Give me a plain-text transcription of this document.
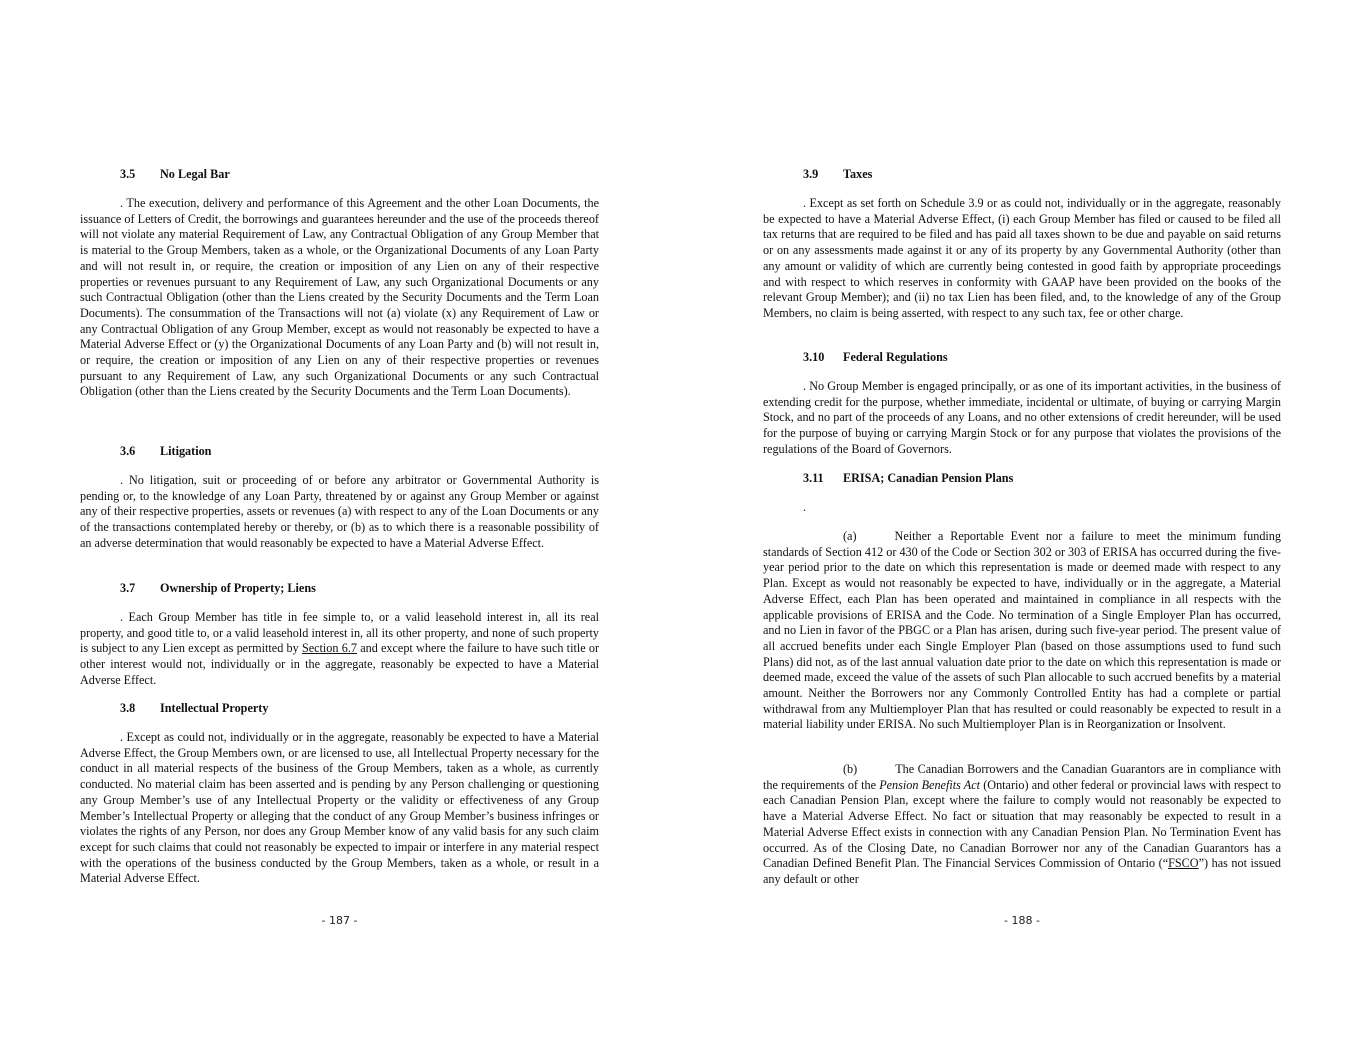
3.5 No Legal Bar

. The execution, delivery and performance of this Agreement and the other Loan Documents, the issuance of Letters of Credit, the borrowings and guarantees hereunder and the use of the proceeds thereof will not violate any material Requirement of Law, any Contractual Obligation of any Group Member that is material to the Group Members, taken as a whole, or the Organizational Documents of any Loan Party and will not result in, or require, the creation or imposition of any Lien on any of their respective properties or revenues pursuant to any Requirement of Law, any such Organizational Documents or any such Contractual Obligation (other than the Liens created by the Security Documents and the Term Loan Documents). The consummation of the Transactions will not (a) violate (x) any Requirement of Law or any Contractual Obligation of any Group Member, except as would not reasonably be expected to have a Material Adverse Effect or (y) the Organizational Documents of any Loan Party and (b) will not result in, or require, the creation or imposition of any Lien on any of their respective properties or revenues pursuant to any Requirement of Law, any such Organizational Documents or any such Contractual Obligation (other than the Liens created by the Security Documents and the Term Loan Documents).

3.6 Litigation

. No litigation, suit or proceeding of or before any arbitrator or Governmental Authority is pending or, to the knowledge of any Loan Party, threatened by or against any Group Member or against any of their respective properties, assets or revenues (a) with respect to any of the Loan Documents or any of the transactions contemplated hereby or thereby, or (b) as to which there is a reasonable possibility of an adverse determination that would reasonably be expected to have a Material Adverse Effect.

3.7 Ownership of Property; Liens

. Each Group Member has title in fee simple to, or a valid leasehold interest in, all its real property, and good title to, or a valid leasehold interest in, all its other property, and none of such property is subject to any Lien except as permitted by Section 6.7 and except where the failure to have such title or other interest would not, individually or in the aggregate, reasonably be expected to have a Material Adverse Effect.

3.8 Intellectual Property

. Except as could not, individually or in the aggregate, reasonably be expected to have a Material Adverse Effect, the Group Members own, or are licensed to use, all Intellectual Property necessary for the conduct in all material respects of the business of the Group Members, taken as a whole, as currently conducted. No material claim has been asserted and is pending by any Person challenging or questioning any Group Member’s use of any Intellectual Property or the validity or effectiveness of any Group Member’s Intellectual Property or alleging that the conduct of any Group Member’s business infringes or violates the rights of any Person, nor does any Group Member know of any valid basis for any such claim except for such claims that could not reasonably be expected to impair or interfere in any material respect with the operations of the business conducted by the Group Members, taken as a whole, or result in a Material Adverse Effect.

- 187 -
3.9 Taxes

. Except as set forth on Schedule 3.9 or as could not, individually or in the aggregate, reasonably be expected to have a Material Adverse Effect, (i) each Group Member has filed or caused to be filed all tax returns that are required to be filed and has paid all taxes shown to be due and payable on said returns or on any assessments made against it or any of its property by any Governmental Authority (other than any amount or validity of which are currently being contested in good faith by appropriate proceedings and with respect to which reserves in conformity with GAAP have been provided on the books of the relevant Group Member); and (ii) no tax Lien has been filed, and, to the knowledge of any of the Group Members, no claim is being asserted, with respect to any such tax, fee or other charge.

3.10 Federal Regulations

. No Group Member is engaged principally, or as one of its important activities, in the business of extending credit for the purpose, whether immediate, incidental or ultimate, of buying or carrying Margin Stock, and no part of the proceeds of any Loans, and no other extensions of credit hereunder, will be used for the purpose of buying or carrying Margin Stock or for any purpose that violates the provisions of the regulations of the Board of Governors.

3.11 ERISA; Canadian Pension Plans
.

(a)	Neither a Reportable Event nor a failure to meet the minimum funding standards of Section 412 or 430 of the Code or Section 302 or 303 of ERISA has occurred during the five-year period prior to the date on which this representation is made or deemed made with respect to any Plan. Except as would not reasonably be expected to have, individually or in the aggregate, a Material Adverse Effect, each Plan has been operated and maintained in compliance in all respects with the applicable provisions of ERISA and the Code. No termination of a Single Employer Plan has occurred, and no Lien in favor of the PBGC or a Plan has arisen, during such five-year period. The present value of all accrued benefits under each Single Employer Plan (based on those assumptions used to fund such Plans) did not, as of the last annual valuation date prior to the date on which this representation is made or deemed made, exceed the value of the assets of such Plan allocable to such accrued benefits by a material amount. Neither the Borrowers nor any Commonly Controlled Entity has had a complete or partial withdrawal from any Multiemployer Plan that has resulted or could reasonably be expected to result in a material liability under ERISA. No such Multiemployer Plan is in Reorganization or Insolvent.

(b)	The Canadian Borrowers and the Canadian Guarantors are in compliance with the requirements of the Pension Benefits Act (Ontario) and other federal or provincial laws with respect to each Canadian Pension Plan, except where the failure to comply would not reasonably be expected to have a Material Adverse Effect. No fact or situation that may reasonably be expected to result in a Material Adverse Effect exists in connection with any Canadian Pension Plan. No Termination Event has occurred. As of the Closing Date, no Canadian Borrower nor any of the Canadian Guarantors has a Canadian Defined Benefit Plan. The Financial Services Commission of Ontario (“FSCO”) has not issued any default or other

- 188 -
